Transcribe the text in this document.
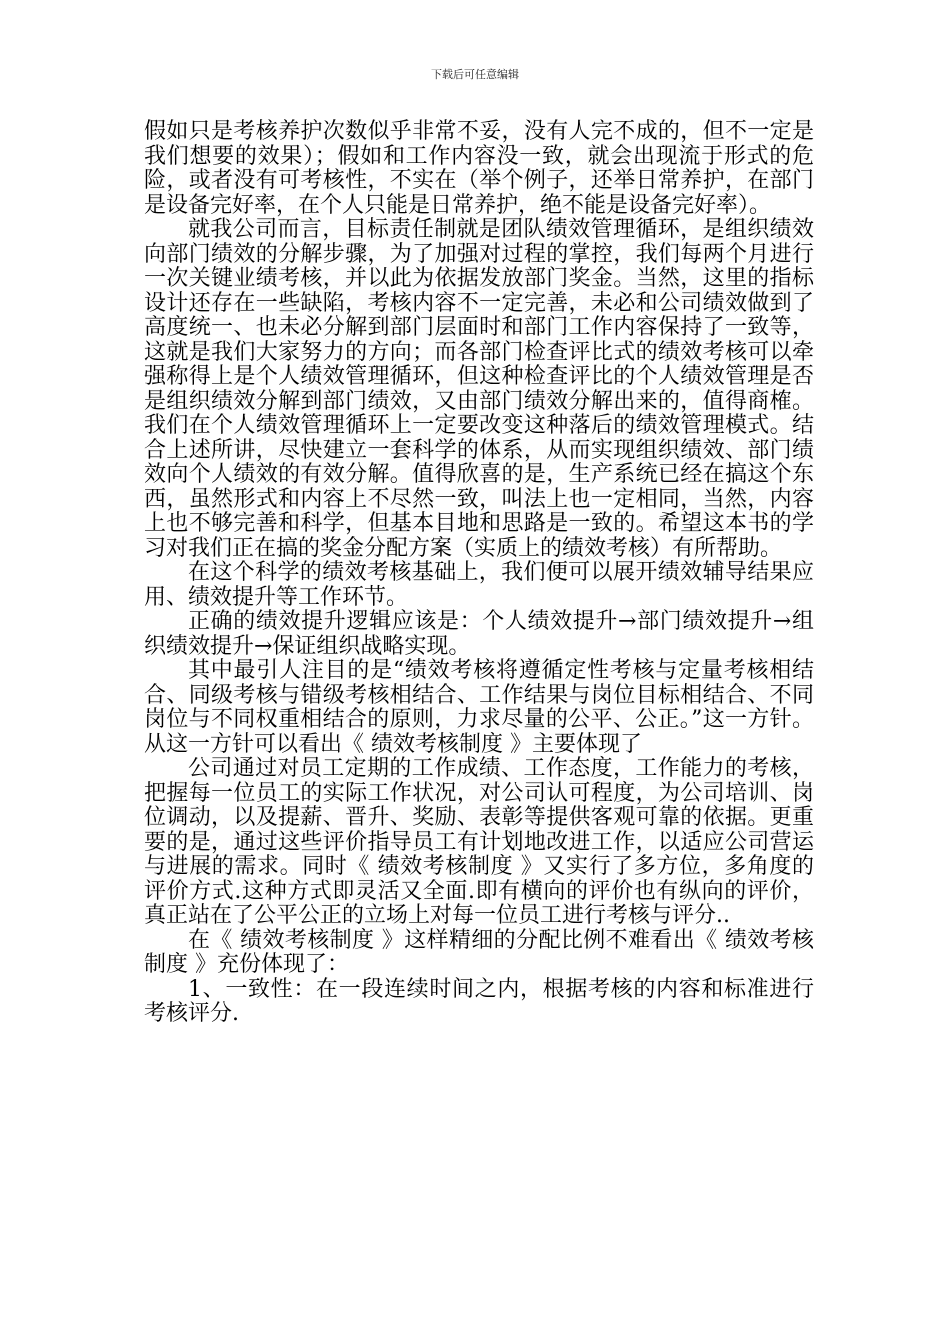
下载后可任意编辑

假如只是考核养护次数似乎非常不妥，没有人完不成的，但不一定是我们想要的效果）；假如和工作内容没一致，就会出现流于形式的危险，或者没有可考核性，不实在（举个例子，还举日常养护，在部门是设备完好率，在个人只能是日常养护，绝不能是设备完好率）。

就我公司而言，目标责任制就是团队绩效管理循环，是组织绩效向部门绩效的分解步骤，为了加强对过程的掌控，我们每两个月进行一次关键业绩考核，并以此为依据发放部门奖金。当然，这里的指标设计还存在一些缺陷，考核内容不一定完善，未必和公司绩效做到了高度统一、也未必分解到部门层面时和部门工作内容保持了一致等，这就是我们大家努力的方向；而各部门检查评比式的绩效考核可以牵强称得上是个人绩效管理循环，但这种检查评比的个人绩效管理是否是组织绩效分解到部门绩效，又由部门绩效分解出来的，值得商榷。我们在个人绩效管理循环上一定要改变这种落后的绩效管理模式。结合上述所讲，尽快建立一套科学的体系，从而实现组织绩效、部门绩效向个人绩效的有效分解。值得欣喜的是，生产系统已经在搞这个东西，虽然形式和内容上不尽然一致，叫法上也一定相同，当然，内容上也不够完善和科学，但基本目地和思路是一致的。希望这本书的学习对我们正在搞的奖金分配方案（实质上的绩效考核）有所帮助。

在这个科学的绩效考核基础上，我们便可以展开绩效辅导结果应用、绩效提升等工作环节。

正确的绩效提升逻辑应该是：个人绩效提升→部门绩效提升→组织绩效提升→保证组织战略实现。

其中最引人注目的是“绩效考核将遵循定性考核与定量考核相结合、同级考核与错级考核相结合、工作结果与岗位目标相结合、不同岗位与不同权重相结合的原则，力求尽量的公平、公正。”这一方针。从这一方针可以看出《 绩效考核制度 》主要体现了

公司通过对员工定期的工作成绩、工作态度，工作能力的考核，把握每一位员工的实际工作状况，对公司认可程度，为公司培训、岗位调动，以及提薪、晋升、奖励、表彰等提供客观可靠的依据。更重要的是，通过这些评价指导员工有计划地改进工作，以适应公司营运与进展的需求。同时《 绩效考核制度 》又实行了多方位，多角度的评价方式.这种方式即灵活又全面.即有横向的评价也有纵向的评价，真正站在了公平公正的立场上对每一位员工进行考核与评分..

在《 绩效考核制度 》这样精细的分配比例不难看出《 绩效考核制度 》充份体现了：

1、一致性：在一段连续时间之内，根据考核的内容和标准进行考核评分.
